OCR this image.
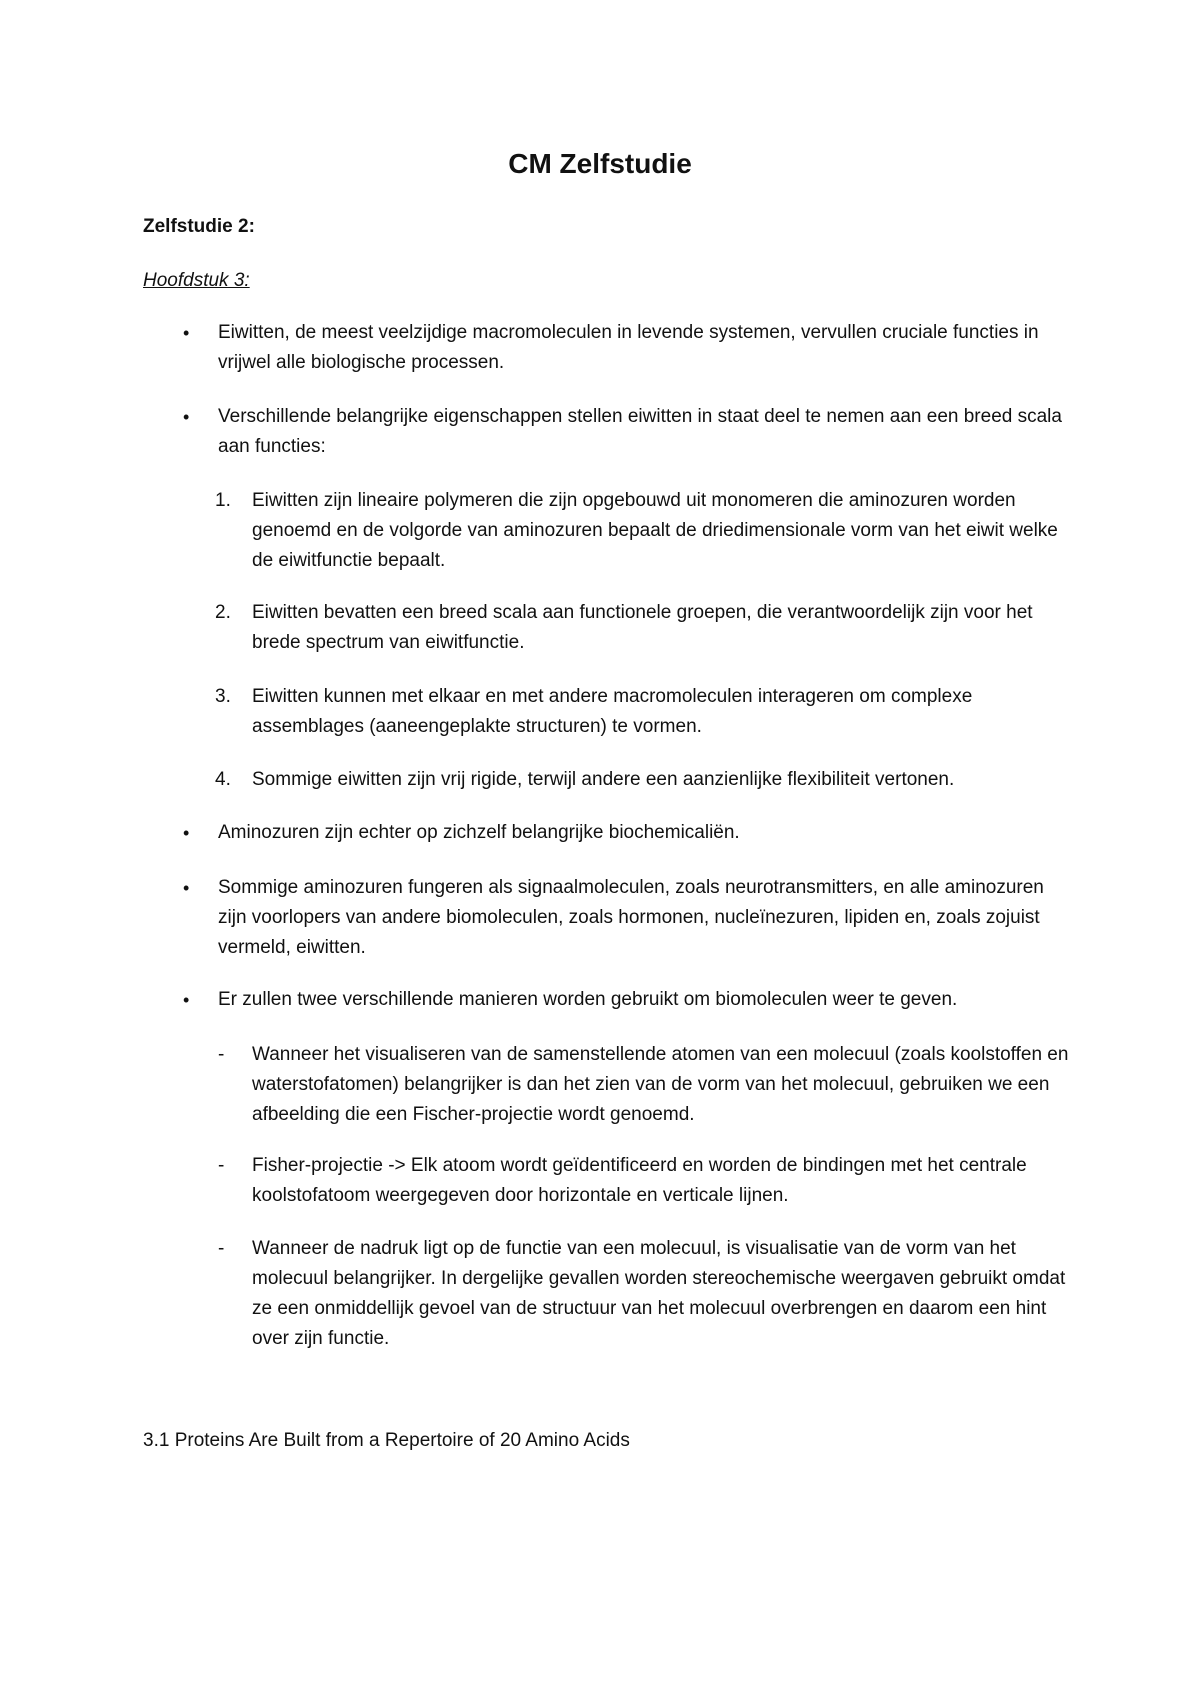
CM Zelfstudie
Zelfstudie 2:
Hoofdstuk 3:
• Eiwitten, de meest veelzijdige macromoleculen in levende systemen, vervullen cruciale functies in vrijwel alle biologische processen.
• Verschillende belangrijke eigenschappen stellen eiwitten in staat deel te nemen aan een breed scala aan functies:
1. Eiwitten zijn lineaire polymeren die zijn opgebouwd uit monomeren die aminozuren worden genoemd en de volgorde van aminozuren bepaalt de driedimensionale vorm van het eiwit welke de eiwitfunctie bepaalt.
2. Eiwitten bevatten een breed scala aan functionele groepen, die verantwoordelijk zijn voor het brede spectrum van eiwitfunctie.
3. Eiwitten kunnen met elkaar en met andere macromoleculen interageren om complexe assemblages (aaneengeplakte structuren) te vormen.
4. Sommige eiwitten zijn vrij rigide, terwijl andere een aanzienlijke flexibiliteit vertonen.
• Aminozuren zijn echter op zichzelf belangrijke biochemicaliën.
• Sommige aminozuren fungeren als signaalmoleculen, zoals neurotransmitters, en alle aminozuren zijn voorlopers van andere biomoleculen, zoals hormonen, nucleïnezuren, lipiden en, zoals zojuist vermeld, eiwitten.
• Er zullen twee verschillende manieren worden gebruikt om biomoleculen weer te geven.
- Wanneer het visualiseren van de samenstellende atomen van een molecuul (zoals koolstoffen en waterstofatomen) belangrijker is dan het zien van de vorm van het molecuul, gebruiken we een afbeelding die een Fischer-projectie wordt genoemd.
- Fisher-projectie -> Elk atoom wordt geïdentificeerd en worden de bindingen met het centrale koolstofatoom weergegeven door horizontale en verticale lijnen.
- Wanneer de nadruk ligt op de functie van een molecuul, is visualisatie van de vorm van het molecuul belangrijker. In dergelijke gevallen worden stereochemische weergaven gebruikt omdat ze een onmiddellijk gevoel van de structuur van het molecuul overbrengen en daarom een hint over zijn functie.
3.1 Proteins Are Built from a Repertoire of 20 Amino Acids
